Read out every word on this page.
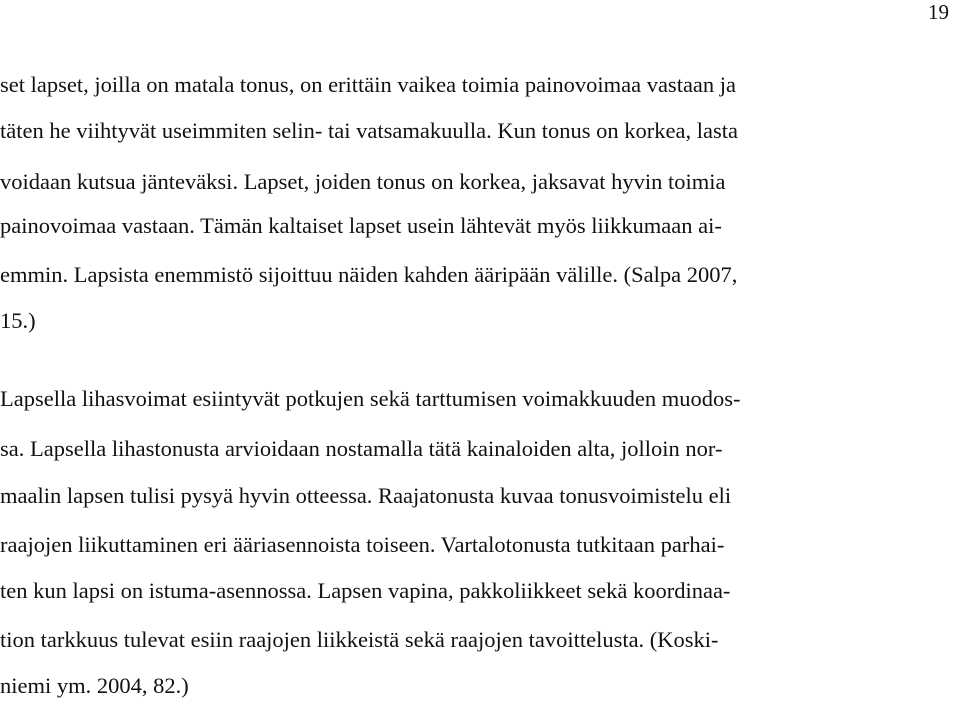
19
set lapset, joilla on matala tonus, on erittäin vaikea toimia painovoimaa vastaan ja
täten he viihtyvät useimmiten selin- tai vatsamakuulla. Kun tonus on korkea, lasta
voidaan kutsua jänteväksi. Lapset, joiden tonus on korkea, jaksavat hyvin toimia
painovoimaa vastaan. Tämän kaltaiset lapset usein lähtevät myös liikkumaan ai-
emmin. Lapsista enemmistö sijoittuu näiden kahden ääripään välille. (Salpa 2007,
15.)
Lapsella lihasvoimat esiintyvät potkujen sekä tarttumisen voimakkuuden muodos-
sa. Lapsella lihastonusta arvioidaan nostamalla tätä kainaloiden alta, jolloin nor-
maalin lapsen tulisi pysyä hyvin otteessa. Raajatonusta kuvaa tonusvoimistelu eli
raajojen liikuttaminen eri ääriasennoista toiseen. Vartalotonusta tutkitaan parhai-
ten kun lapsi on istuma-asennossa. Lapsen vapina, pakkoliikkeet sekä koordinaa-
tion tarkkuus tulevat esiin raajojen liikkeistä sekä raajojen tavoittelusta. (Koski-
niemi ym. 2004, 82.)
